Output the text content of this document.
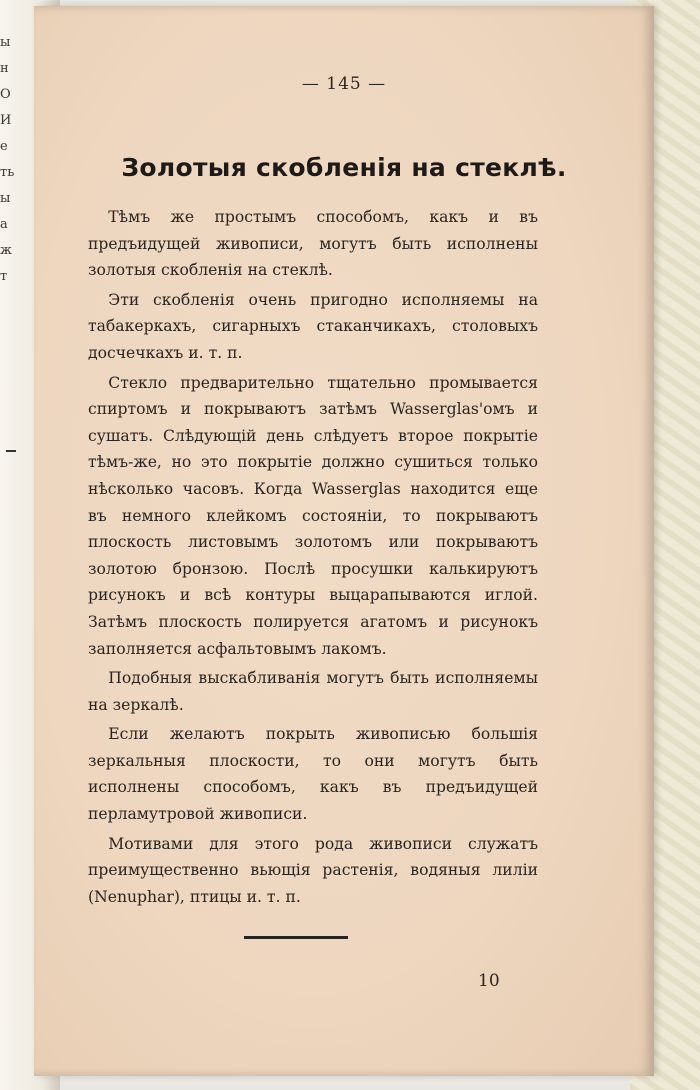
ы
н
О
И
е
ть
ы
а
ж
т
— 145 —
Золотыя скобленія на стеклѣ.

Тѣмъ же простымъ способомъ, какъ и въ предъидущей живописи, могутъ быть исполнены золотыя скобленія на стеклѣ.

Эти скобленія очень пригодно исполняемы на табакеркахъ, сигарныхъ стаканчикахъ, столовыхъ досчечкахъ и. т. п.

Стекло предварительно тщательно промывается спиртомъ и покрываютъ затѣмъ Wasserglas'омъ и сушатъ. Слѣдующій день слѣдуетъ второе покрытіе тѣмъ-же, но это покрытіе должно сушиться только нѣсколько часовъ. Когда Wasserglas находится еще въ немного клейкомъ состояніи, то покрываютъ плоскость листовымъ золотомъ или покрываютъ золотою бронзою. Послѣ просушки калькируютъ рисунокъ и всѣ контуры выцарапываются иглой. Затѣмъ плоскость полируется агатомъ и рисунокъ заполняется асфальтовымъ лакомъ.

Подобныя выскабливанія могутъ быть исполняемы на зеркалѣ.

Если желаютъ покрыть живописью большія зеркальныя плоскости, то они могутъ быть исполнены способомъ, какъ въ предъидущей перламутровой живописи.

Мотивами для этого рода живописи служатъ преимущественно вьющія растенія, водяныя лиліи (Nenuphar), птицы и. т. п.

10
